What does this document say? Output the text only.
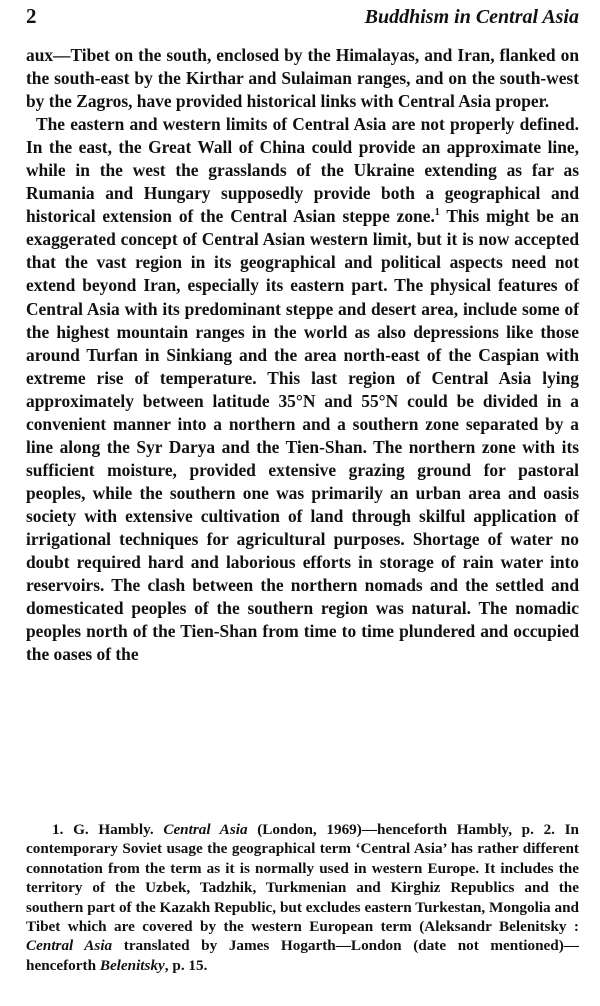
2	Buddhism in Central Asia

aux—Tibet on the south, enclosed by the Himalayas, and Iran, flanked on the south-east by the Kirthar and Sulaiman ranges, and on the south-west by the Zagros, have provided historical links with Central Asia proper.

The eastern and western limits of Central Asia are not properly defined. In the east, the Great Wall of China could provide an approximate line, while in the west the grasslands of the Ukraine extending as far as Rumania and Hungary supposedly provide both a geographical and historical extension of the Central Asian steppe zone.$^1$ This might be an exaggerated concept of Central Asian western limit, but it is now accepted that the vast region in its geographical and political aspects need not extend beyond Iran, especially its eastern part. The physical features of Central Asia with its predominant steppe and desert area, include some of the highest mountain ranges in the world as also depressions like those around Turfan in Sinkiang and the area north-east of the Caspian with extreme rise of temperature. This last region of Central Asia lying approximately between latitude 35°N and 55°N could be divided in a convenient manner into a northern and a southern zone separated by a line along the Syr Darya and the Tien-Shan. The northern zone with its sufficient moisture, provided extensive grazing ground for pastoral peoples, while the southern one was primarily an urban area and oasis society with extensive cultivation of land through skilful application of irrigational techniques for agricultural purposes. Shortage of water no doubt required hard and laborious efforts in storage of rain water into reservoirs. The clash between the northern nomads and the settled and domesticated peoples of the southern region was natural. The nomadic peoples north of the Tien-Shan from time to time plundered and occupied the oases of the

1. G. Hambly. Central Asia (London, 1969)—henceforth Hambly, p. 2. In contemporary Soviet usage the geographical term ‘Central Asia’ has rather different connotation from the term as it is normally used in western Europe. It includes the territory of the Uzbek, Tadzhik, Turkmenian and Kirghiz Republics and the southern part of the Kazakh Republic, but excludes eastern Turkestan, Mongolia and Tibet which are covered by the western European term (Aleksandr Belenitsky : Central Asia translated by James Hogarth—London (date not mentioned)—henceforth Belenitsky, p. 15.
